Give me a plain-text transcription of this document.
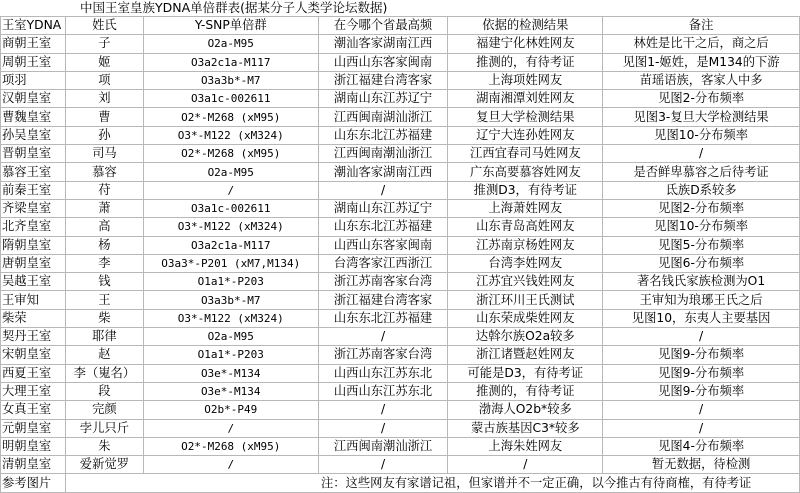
中国王室皇族YDNA单倍群表(据某分子人类学论坛数据)
王室YDNA	姓氏	Y-SNP单倍群	在今哪个省最高频	依据的检测结果	备注
商朝王室	子	O2a-M95	潮汕客家湖南江西	福建宁化林姓网友	林姓是比干之后，商之后
周朝王室	姬	O3a2c1a-M117	山西山东客家闽南	推测的，有待考证	见图1-姬姓，是M134的下游
项羽	项	O3a3b*-M7	浙江福建台湾客家	上海项姓网友	苗瑶语族，客家人中多
汉朝皇室	刘	O3a1c-002611	湖南山东江苏辽宁	湖南湘潭刘姓网友	见图2-分布频率
曹魏皇室	曹	O2*-M268 (xM95)	江西闽南湖汕浙江	复旦大学检测结果	见图3-复旦大学检测结果
孙吴皇室	孙	O3*-M122 (xM324)	山东东北江苏福建	辽宁大连孙姓网友	见图10-分布频率
晋朝皇室	司马	O2*-M268 (xM95)	江西闽南潮汕浙江	江西宜春司马姓网友	/
慕容王室	慕容	O2a-M95	潮汕客家湖南江西	广东高要慕容姓网友	是否鲜卑慕容之后待考证
前秦王室	苻	/	/	推测D3，有待考证	氐族D系较多
齐梁皇室	萧	O3a1c-002611	湖南山东江苏辽宁	上海萧姓网友	见图2-分布频率
北齐皇室	高	O3*-M122 (xM324)	山东东北江苏福建	山东青岛高姓网友	见图10-分布频率
隋朝皇室	杨	O3a2c1a-M117	山西山东客家闽南	江苏南京杨姓网友	见图5-分布频率
唐朝皇室	李	O3a3*-P201 (xM7,M134)	台湾客家江西浙江	台湾李姓网友	见图6-分布频率
吴越王室	钱	O1a1*-P203	浙江苏南客家台湾	江苏宜兴钱姓网友	著名钱氏家族检测为O1
王审知	王	O3a3b*-M7	浙江福建台湾客家	浙江环川王氏测试	王审知为琅琊王氏之后
柴荣	柴	O3*-M122 (xM324)	山东东北江苏福建	山东荣成柴姓网友	见图10，东夷人主要基因
契丹王室	耶律	O2a-M95	/	达斡尔族O2a较多	/
宋朝皇室	赵	O1a1*-P203	浙江苏南客家台湾	浙江诸暨赵姓网友	见图9-分布频率
西夏王室	李（嵬名）	O3e*-M134	山西山东江苏东北	可能是D3，有待考证	见图9-分布频率
大理王室	段	O3e*-M134	山西山东江苏东北	推测的，有待考证	见图9-分布频率
女真王室	完颜	O2b*-P49	/	渤海人O2b*较多	/
元朝皇室	孛儿只斤	/	/	蒙古族基因C3*较多	/
明朝皇室	朱	O2*-M268 (xM95)	江西闽南潮汕浙江	上海朱姓网友	见图4-分布频率
清朝皇室	爱新觉罗	/	/	/	暂无数据，待检测
参考图片	注：这些网友有家谱记祖，但家谱并不一定正确，以今推古有待商榷，有待考证				
